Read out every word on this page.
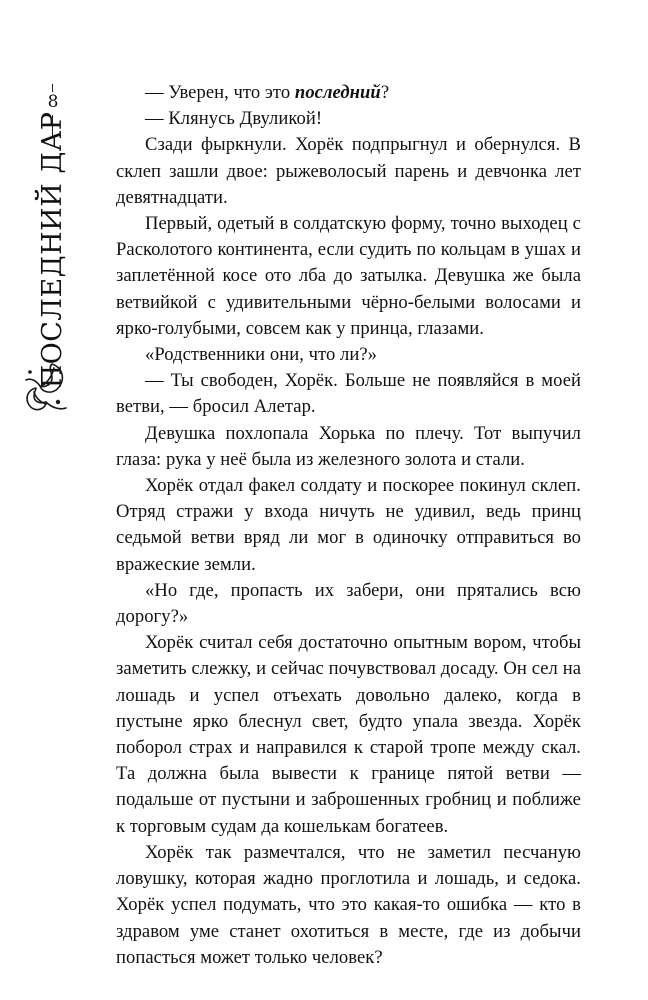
8
ПОСЛЕДНИЙ ДАР

— Уверен, что это последний?

— Клянусь Двуликой!

Сзади фыркнули. Хорёк подпрыгнул и обернулся. В склеп зашли двое: рыжеволосый парень и девчонка лет девятнадцати.

Первый, одетый в солдатскую форму, точно выходец с Расколотого континента, если судить по кольцам в ушах и заплетённой косе ото лба до затылка. Девушка же была ветвийкой с удивительными чёрно-белыми волосами и ярко-голубыми, совсем как у принца, глазами.

«Родственники они, что ли?»

— Ты свободен, Хорёк. Больше не появляйся в моей ветви, — бросил Алетар.

Девушка похлопала Хорька по плечу. Тот выпучил глаза: рука у неё была из железного золота и стали.

Хорёк отдал факел солдату и поскорее покинул склеп. Отряд стражи у входа ничуть не удивил, ведь принц седьмой ветви вряд ли мог в одиночку отправиться во вражеские земли.

«Но где, пропасть их забери, они прятались всю дорогу?»

Хорёк считал себя достаточно опытным вором, чтобы заметить слежку, и сейчас почувствовал досаду. Он сел на лошадь и успел отъехать довольно далеко, когда в пустыне ярко блеснул свет, будто упала звезда. Хорёк поборол страх и направился к старой тропе между скал. Та должна была вывести к границе пятой ветви — подальше от пустыни и заброшенных гробниц и поближе к торговым судам да кошелькам богатеев.

Хорёк так размечтался, что не заметил песчаную ловушку, которая жадно проглотила и лошадь, и седока. Хорёк успел подумать, что это какая-то ошибка — кто в здравом уме станет охотиться в месте, где из добычи попасться может только человек?
